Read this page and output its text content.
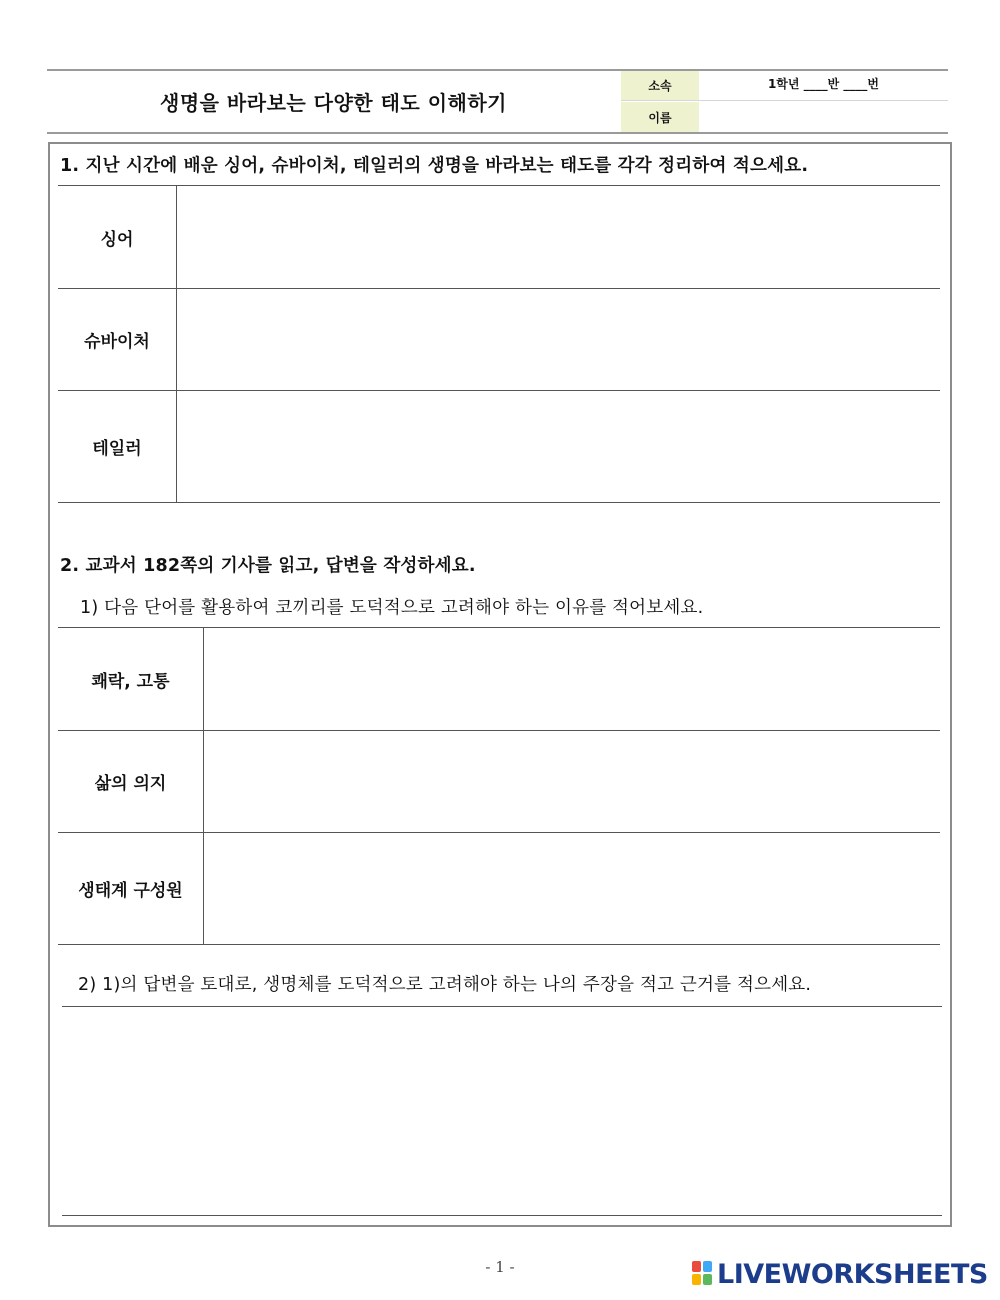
생명을 바라보는 다양한 태도 이해하기
소속	1학년 ____반 ____번
이름
1. 지난 시간에 배운 싱어, 슈바이처, 테일러의 생명을 바라보는 태도를 각각 정리하여 적으세요.
싱어
슈바이처
테일러
2. 교과서 182쪽의 기사를 읽고, 답변을 작성하세요.
1) 다음 단어를 활용하여 코끼리를 도덕적으로 고려해야 하는 이유를 적어보세요.
쾌락, 고통
삶의 의지
생태계 구성원
2) 1)의 답변을 토대로, 생명체를 도덕적으로 고려해야 하는 나의 주장을 적고 근거를 적으세요.
- 1 -	LIVEWORKSHEETS
